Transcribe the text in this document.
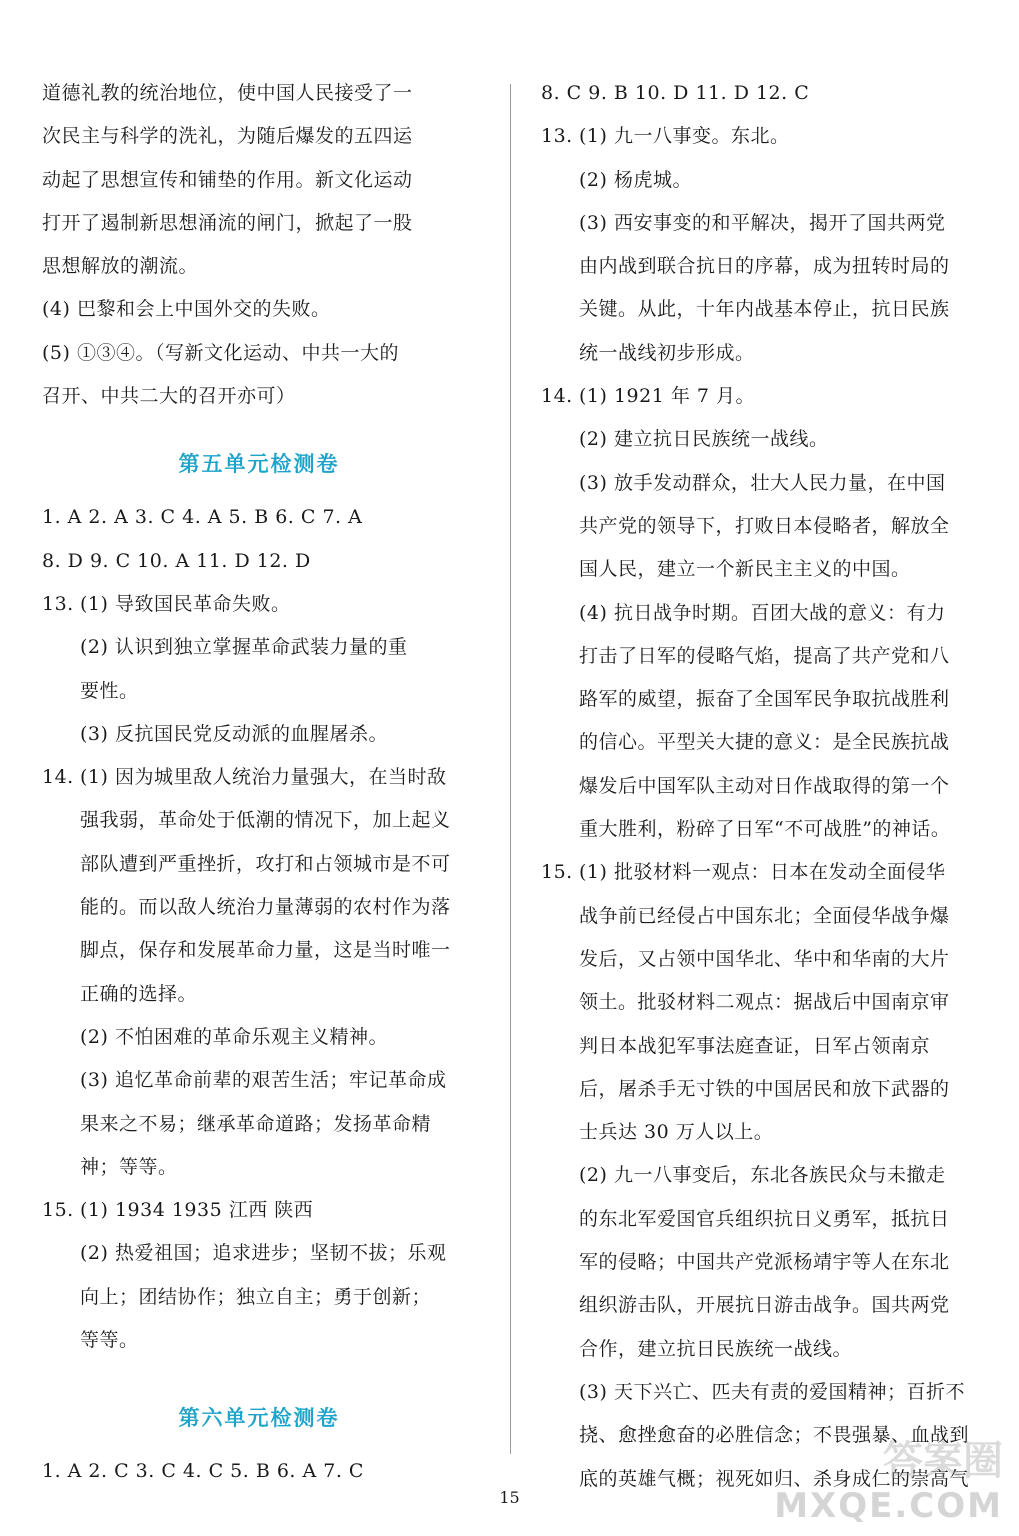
道德礼教的统治地位，使中国人民接受了一
次民主与科学的洗礼，为随后爆发的五四运
动起了思想宣传和铺垫的作用。新文化运动
打开了遏制新思想涌流的闸门，掀起了一股
思想解放的潮流。
(4) 巴黎和会上中国外交的失败。
(5) ①③④。（写新文化运动、中共一大的
召开、中共二大的召开亦可）
第五单元检测卷
1. A 2. A 3. C 4. A 5. B 6. C 7. A
8. D 9. C 10. A 11. D 12. D
13. (1) 导致国民革命失败。
(2) 认识到独立掌握革命武装力量的重
要性。
(3) 反抗国民党反动派的血腥屠杀。
14. (1) 因为城里敌人统治力量强大，在当时敌
强我弱，革命处于低潮的情况下，加上起义
部队遭到严重挫折，攻打和占领城市是不可
能的。而以敌人统治力量薄弱的农村作为落
脚点，保存和发展革命力量，这是当时唯一
正确的选择。
(2) 不怕困难的革命乐观主义精神。
(3) 追忆革命前辈的艰苦生活；牢记革命成
果来之不易；继承革命道路；发扬革命精
神；等等。
15. (1) 1934 1935 江西 陕西
(2) 热爱祖国；追求进步；坚韧不拔；乐观
向上；团结协作；独立自主；勇于创新；
等等。
第六单元检测卷
1. A 2. C 3. C 4. C 5. B 6. A 7. C
8. C 9. B 10. D 11. D 12. C
13. (1) 九一八事变。东北。
(2) 杨虎城。
(3) 西安事变的和平解决，揭开了国共两党
由内战到联合抗日的序幕，成为扭转时局的
关键。从此，十年内战基本停止，抗日民族
统一战线初步形成。
14. (1) 1921 年 7 月。
(2) 建立抗日民族统一战线。
(3) 放手发动群众，壮大人民力量，在中国
共产党的领导下，打败日本侵略者，解放全
国人民，建立一个新民主主义的中国。
(4) 抗日战争时期。百团大战的意义：有力
打击了日军的侵略气焰，提高了共产党和八
路军的威望，振奋了全国军民争取抗战胜利
的信心。平型关大捷的意义：是全民族抗战
爆发后中国军队主动对日作战取得的第一个
重大胜利，粉碎了日军“不可战胜”的神话。
15. (1) 批驳材料一观点：日本在发动全面侵华
战争前已经侵占中国东北；全面侵华战争爆
发后，又占领中国华北、华中和华南的大片
领土。批驳材料二观点：据战后中国南京审
判日本战犯军事法庭查证，日军占领南京
后，屠杀手无寸铁的中国居民和放下武器的
士兵达 30 万人以上。
(2) 九一八事变后，东北各族民众与未撤走
的东北军爱国官兵组织抗日义勇军，抵抗日
军的侵略；中国共产党派杨靖宇等人在东北
组织游击队，开展抗日游击战争。国共两党
合作，建立抗日民族统一战线。
(3) 天下兴亡、匹夫有责的爱国精神；百折不
挠、愈挫愈奋的必胜信念；不畏强暴、血战到
底的英雄气概；视死如归、杀身成仁的崇高气
15
答案圈
MXQE.COM
